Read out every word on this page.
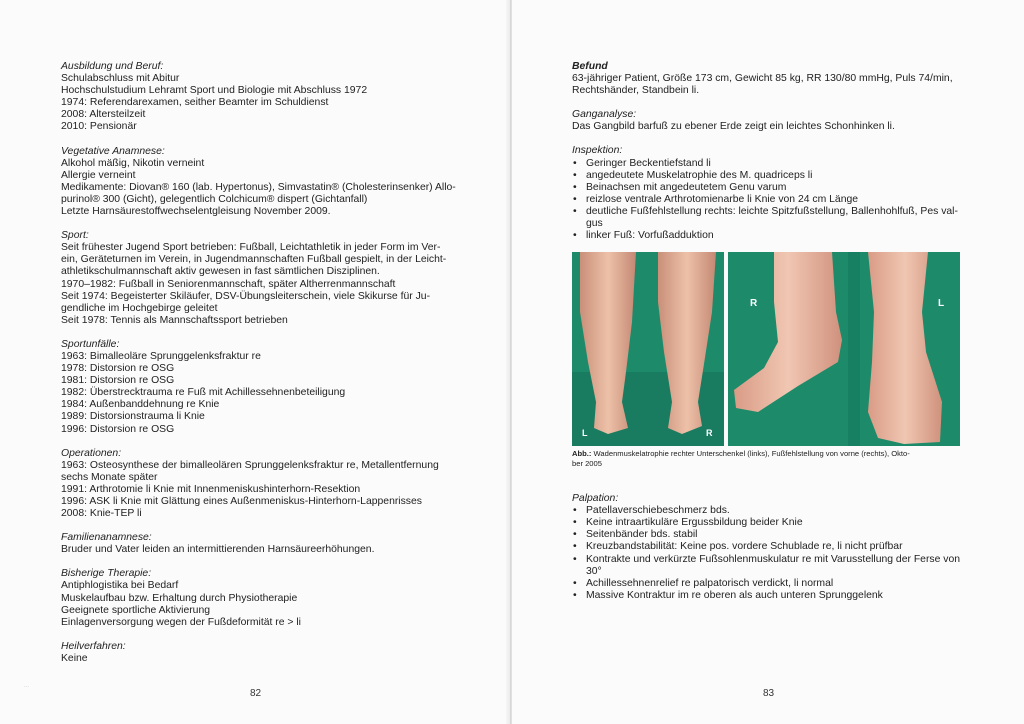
Ausbildung und Beruf:
Schulabschluss mit Abitur
Hochschulstudium Lehramt Sport und Biologie mit Abschluss 1972
1974: Referendarexamen, seither Beamter im Schuldienst
2008: Altersteilzeit
2010: Pensionär
Vegetative Anamnese:
Alkohol mäßig, Nikotin verneint
Allergie verneint
Medikamente: Diovan® 160 (lab. Hypertonus), Simvastatin® (Cholesterinsenker) Allo-
purinol® 300 (Gicht), gelegentlich Colchicum® dispert (Gichtanfall)
Letzte Harnsäurestoffwechselentgleisung November 2009.
Sport:
Seit frühester Jugend Sport betrieben: Fußball, Leichtathletik in jeder Form im Ver-
ein, Geräteturnen im Verein, in Jugendmannschaften Fußball gespielt, in der Leicht-
athletikschulmannschaft aktiv gewesen in fast sämtlichen Disziplinen.
1970–1982: Fußball in Seniorenmannschaft, später Altherrenmannschaft
Seit 1974: Begeisterter Skiläufer, DSV-Übungsleiterschein, viele Skikurse für Ju-
gendliche im Hochgebirge geleitet
Seit 1978: Tennis als Mannschaftssport betrieben
Sportunfälle:
1963: Bimalleoläre Sprunggelenksfraktur re
1978: Distorsion re OSG
1981: Distorsion re OSG
1982: Überstrecktrauma re Fuß mit Achillessehnenbeteiligung
1984: Außenbanddehnung re Knie
1989: Distorsionstrauma li Knie
1996: Distorsion re OSG
Operationen:
1963: Osteosynthese der bimalleolären Sprunggelenksfraktur re, Metallentfernung
sechs Monate später
1991: Arthrotomie li Knie mit Innenmeniskushinterhorn-Resektion
1996: ASK li Knie mit Glättung eines Außenmeniskus-Hinterhorn-Lappenrisses
2008: Knie-TEP li
Familienanamnese:
Bruder und Vater leiden an intermittierenden Harnsäureerhöhungen.
Bisherige Therapie:
Antiphlogistika bei Bedarf
Muskelaufbau bzw. Erhaltung durch Physiotherapie
Geeignete sportliche Aktivierung
Einlagenversorgung wegen der Fußdeformität re > li
Heilverfahren:
Keine
...
82
Befund
63-jähriger Patient, Größe 173 cm, Gewicht 85 kg, RR 130/80 mmHg, Puls 74/min,
Rechtshänder, Standbein li.
Ganganalyse:
Das Gangbild barfuß zu ebener Erde zeigt ein leichtes Schonhinken li.
Inspektion:
• Geringer Beckentiefstand li
• angedeutete Muskelatrophie des M. quadriceps li
• Beinachsen mit angedeutetem Genu varum
• reizlose ventrale Arthrotomienarbe li Knie von 24 cm Länge
• deutliche Fußfehlstellung rechts: leichte Spitzfußstellung, Ballenhohlfuß, Pes val-
gus
• linker Fuß: Vorfußadduktion
L	R
R	L
Abb.: Wadenmuskelatrophie rechter Unterschenkel (links), Fußfehlstellung von vorne (rechts), Okto-
ber 2005
Palpation:
• Patellaverschiebeschmerz bds.
• Keine intraartikuläre Ergussbildung beider Knie
• Seitenbänder bds. stabil
• Kreuzbandstabilität: Keine pos. vordere Schublade re, li nicht prüfbar
• Kontrakte und verkürzte Fußsohlenmuskulatur re mit Varusstellung der Ferse von
30°
• Achillessehnenrelief re palpatorisch verdickt, li normal
• Massive Kontraktur im re oberen als auch unteren Sprunggelenk
83
